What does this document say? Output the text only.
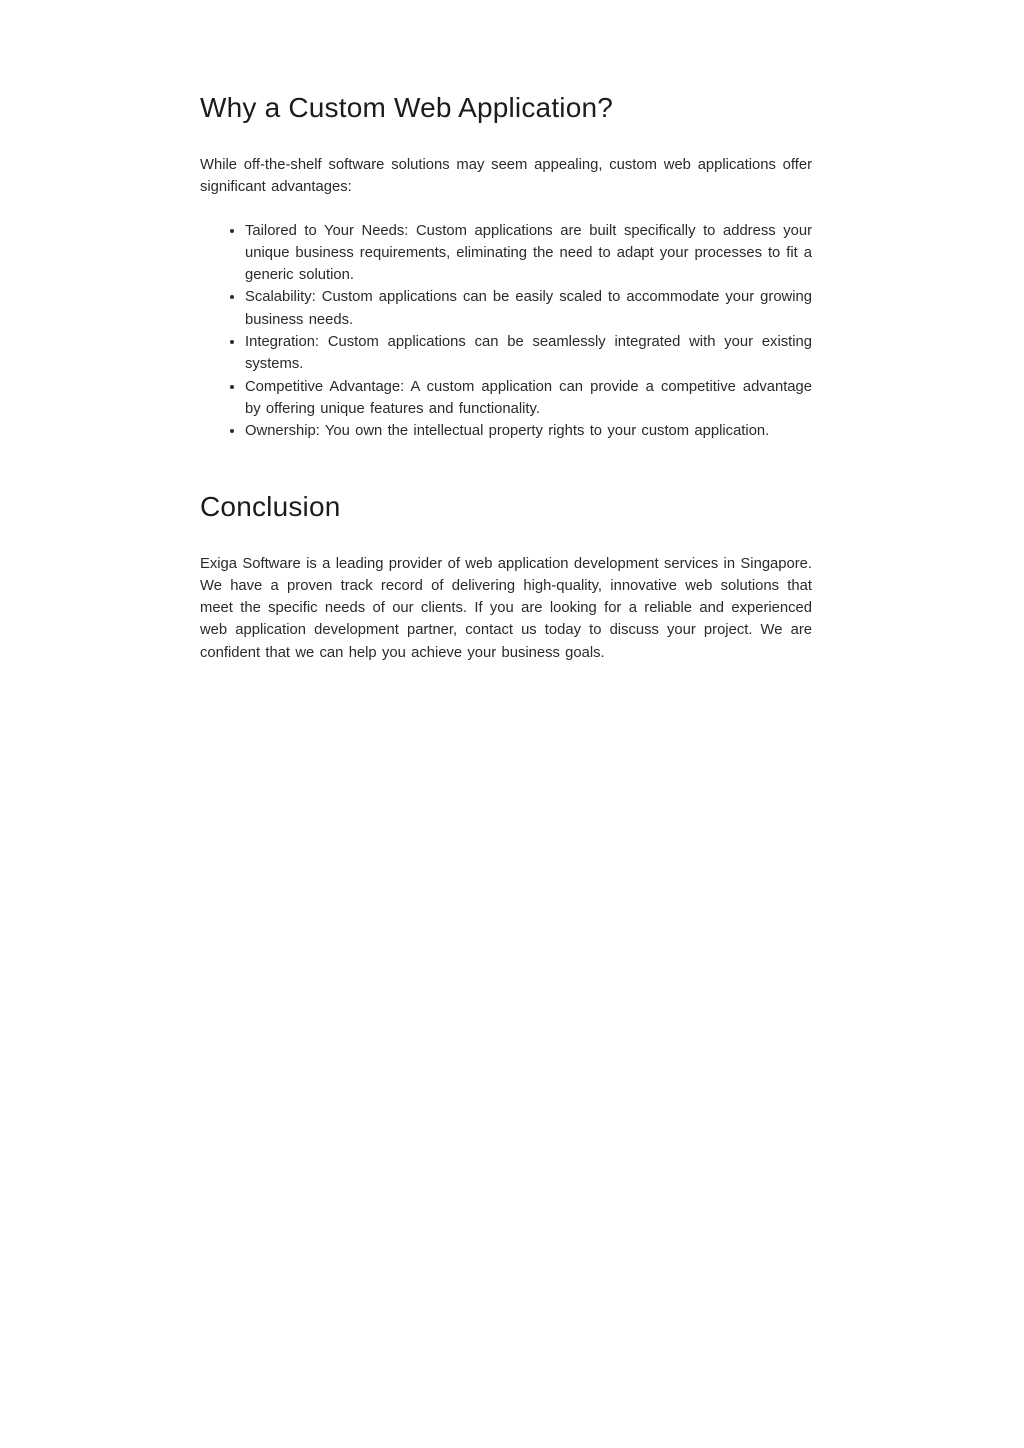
Why a Custom Web Application?

While off-the-shelf software solutions may seem appealing, custom web applications offer significant advantages:

• Tailored to Your Needs: Custom applications are built specifically to address your unique business requirements, eliminating the need to adapt your processes to fit a generic solution.
• Scalability: Custom applications can be easily scaled to accommodate your growing business needs.
• Integration: Custom applications can be seamlessly integrated with your existing systems.
• Competitive Advantage: A custom application can provide a competitive advantage by offering unique features and functionality.
• Ownership: You own the intellectual property rights to your custom application.
Conclusion

Exiga Software is a leading provider of web application development services in Singapore. We have a proven track record of delivering high-quality, innovative web solutions that meet the specific needs of our clients. If you are looking for a reliable and experienced web application development partner, contact us today to discuss your project. We are confident that we can help you achieve your business goals.
